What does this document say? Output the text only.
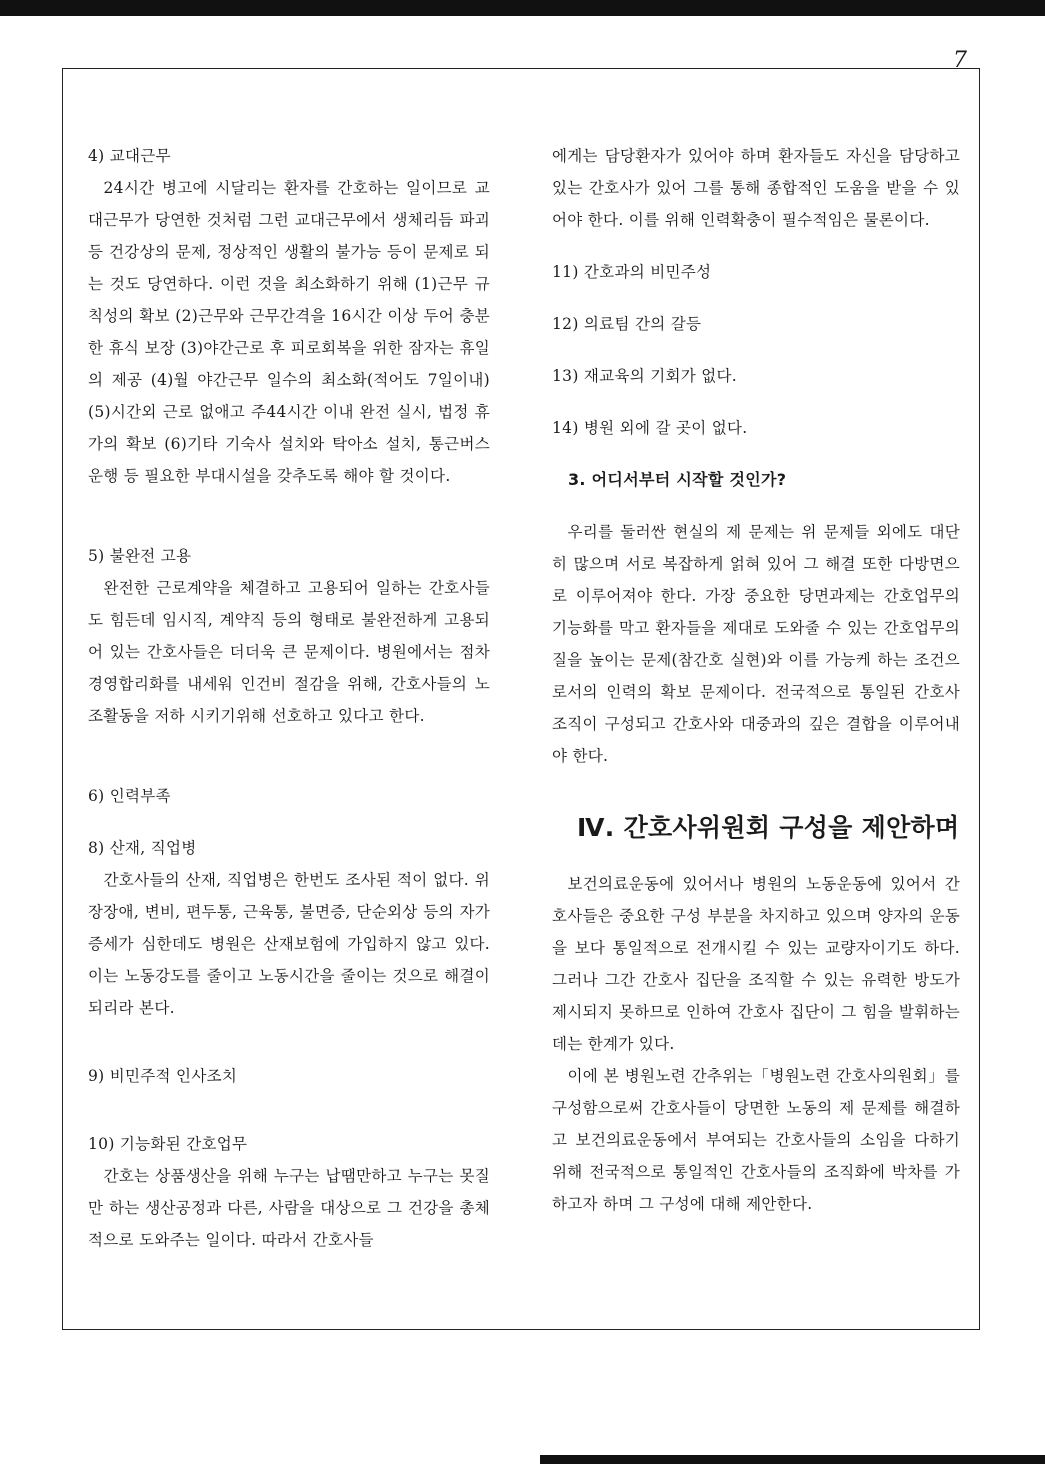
7

4) 교대근무

24시간 병고에 시달리는 환자를 간호하는 일이므로 교대근무가 당연한 것처럼 그런 교대근무에서 생체리듬 파괴등 건강상의 문제, 정상적인 생활의 불가능 등이 문제로 되는 것도 당연하다. 이런 것을 최소화하기 위해 (1)근무 규칙성의 확보 (2)근무와 근무간격을 16시간 이상 두어 충분한 휴식 보장 (3)야간근로 후 피로회복을 위한 잠자는 휴일의 제공 (4)월 야간근무 일수의 최소화(적어도 7일이내) (5)시간외 근로 없애고 주44시간 이내 완전 실시, 법정 휴가의 확보 (6)기타 기숙사 설치와 탁아소 설치, 통근버스 운행 등 필요한 부대시설을 갖추도록 해야 할 것이다.

5) 불완전 고용

완전한 근로계약을 체결하고 고용되어 일하는 간호사들도 힘든데 임시직, 계약직 등의 형태로 불완전하게 고용되어 있는 간호사들은 더더욱 큰 문제이다. 병원에서는 점차 경영합리화를 내세워 인건비 절감을 위해, 간호사들의 노조활동을 저하 시키기위해 선호하고 있다고 한다.

6) 인력부족

8) 산재, 직업병

간호사들의 산재, 직업병은 한번도 조사된 적이 없다. 위장장애, 변비, 편두통, 근육통, 불면증, 단순외상 등의 자가증세가 심한데도 병원은 산재보험에 가입하지 않고 있다. 이는 노동강도를 줄이고 노동시간을 줄이는 것으로 해결이 되리라 본다.

9) 비민주적 인사조치

10) 기능화된 간호업무

간호는 상품생산을 위해 누구는 납땜만하고 누구는 못질만 하는 생산공정과 다른, 사람을 대상으로 그 건강을 총체적으로 도와주는 일이다. 따라서 간호사들

에게는 담당환자가 있어야 하며 환자들도 자신을 담당하고 있는 간호사가 있어 그를 통해 종합적인 도움을 받을 수 있어야 한다. 이를 위해 인력확충이 필수적임은 물론이다.

11) 간호과의 비민주성

12) 의료팀 간의 갈등

13) 재교육의 기회가 없다.

14) 병원 외에 갈 곳이 없다.

3. 어디서부터 시작할 것인가?

우리를 둘러싼 현실의 제 문제는 위 문제들 외에도 대단히 많으며 서로 복잡하게 얽혀 있어 그 해결 또한 다방면으로 이루어져야 한다. 가장 중요한 당면과제는 간호업무의 기능화를 막고 환자들을 제대로 도와줄 수 있는 간호업무의 질을 높이는 문제(참간호 실현)와 이를 가능케 하는 조건으로서의 인력의 확보 문제이다. 전국적으로 통일된 간호사 조직이 구성되고 간호사와 대중과의 깊은 결합을 이루어내야 한다.

Ⅳ. 간호사위원회 구성을 제안하며

보건의료운동에 있어서나 병원의 노동운동에 있어서 간호사들은 중요한 구성 부분을 차지하고 있으며 양자의 운동을 보다 통일적으로 전개시킬 수 있는 교량자이기도 하다. 그러나 그간 간호사 집단을 조직할 수 있는 유력한 방도가 제시되지 못하므로 인하여 간호사 집단이 그 힘을 발휘하는데는 한계가 있다.

이에 본 병원노련 간추위는「병원노련 간호사의원회」를 구성함으로써 간호사들이 당면한 노동의 제 문제를 해결하고 보건의료운동에서 부여되는 간호사들의 소임을 다하기 위해 전국적으로 통일적인 간호사들의 조직화에 박차를 가하고자 하며 그 구성에 대해 제안한다.
